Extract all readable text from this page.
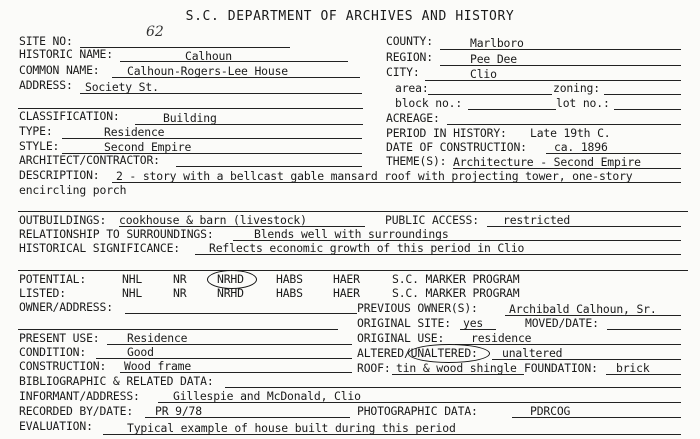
S.C. DEPARTMENT OF ARCHIVES AND HISTORY
62
SITE NO:
HISTORIC NAME:	Calhoun
COMMON NAME: Calhoun-Rogers-Lee House
ADDRESS: Society St.
COUNTY:	Marlboro
REGION:	Pee Dee
CITY:	Clio
area:	zoning:
block no.:	lot no.:
CLASSIFICATION:	Building
TYPE:	Residence
STYLE:	Second Empire
ARCHITECT/CONTRACTOR:
ACREAGE:
PERIOD IN HISTORY: Late 19th C.
DATE OF CONSTRUCTION: ca. 1896
THEME(S): Architecture - Second Empire
DESCRIPTION: 2 - story with a bellcast gable mansard roof with projecting tower, one-story
encircling porch
OUTBUILDINGS: cookhouse & barn (livestock)	PUBLIC ACCESS: restricted
RELATIONSHIP TO SURROUNDINGS:	Blends well with surroundings
HISTORICAL SIGNIFICANCE:	Reflects economic growth of this period in Clio
POTENTIAL:	NHL	NR	NRHD	HABS	HAER	S.C. MARKER PROGRAM
LISTED:	NHL	NR	NRHD	HABS	HAER	S.C. MARKER PROGRAM
OWNER/ADDRESS:	PREVIOUS OWNER(S):	Archibald Calhoun, Sr.
ORIGINAL SITE: yes	MOVED/DATE:
PRESENT USE: Residence	ORIGINAL USE: residence
CONDITION:	Good	ALTERED/UNALTERED: unaltered
CONSTRUCTION: Wood frame	ROOF: tin & wood shingle FOUNDATION: brick
BIBLIOGRAPHIC & RELATED DATA:
INFORMANT/ADDRESS:	Gillespie and McDonald, Clio
RECORDED BY/DATE: PR 9/78	PHOTOGRAPHIC DATA:	PDRCOG
EVALUATION:	Typical example of house built during this period
